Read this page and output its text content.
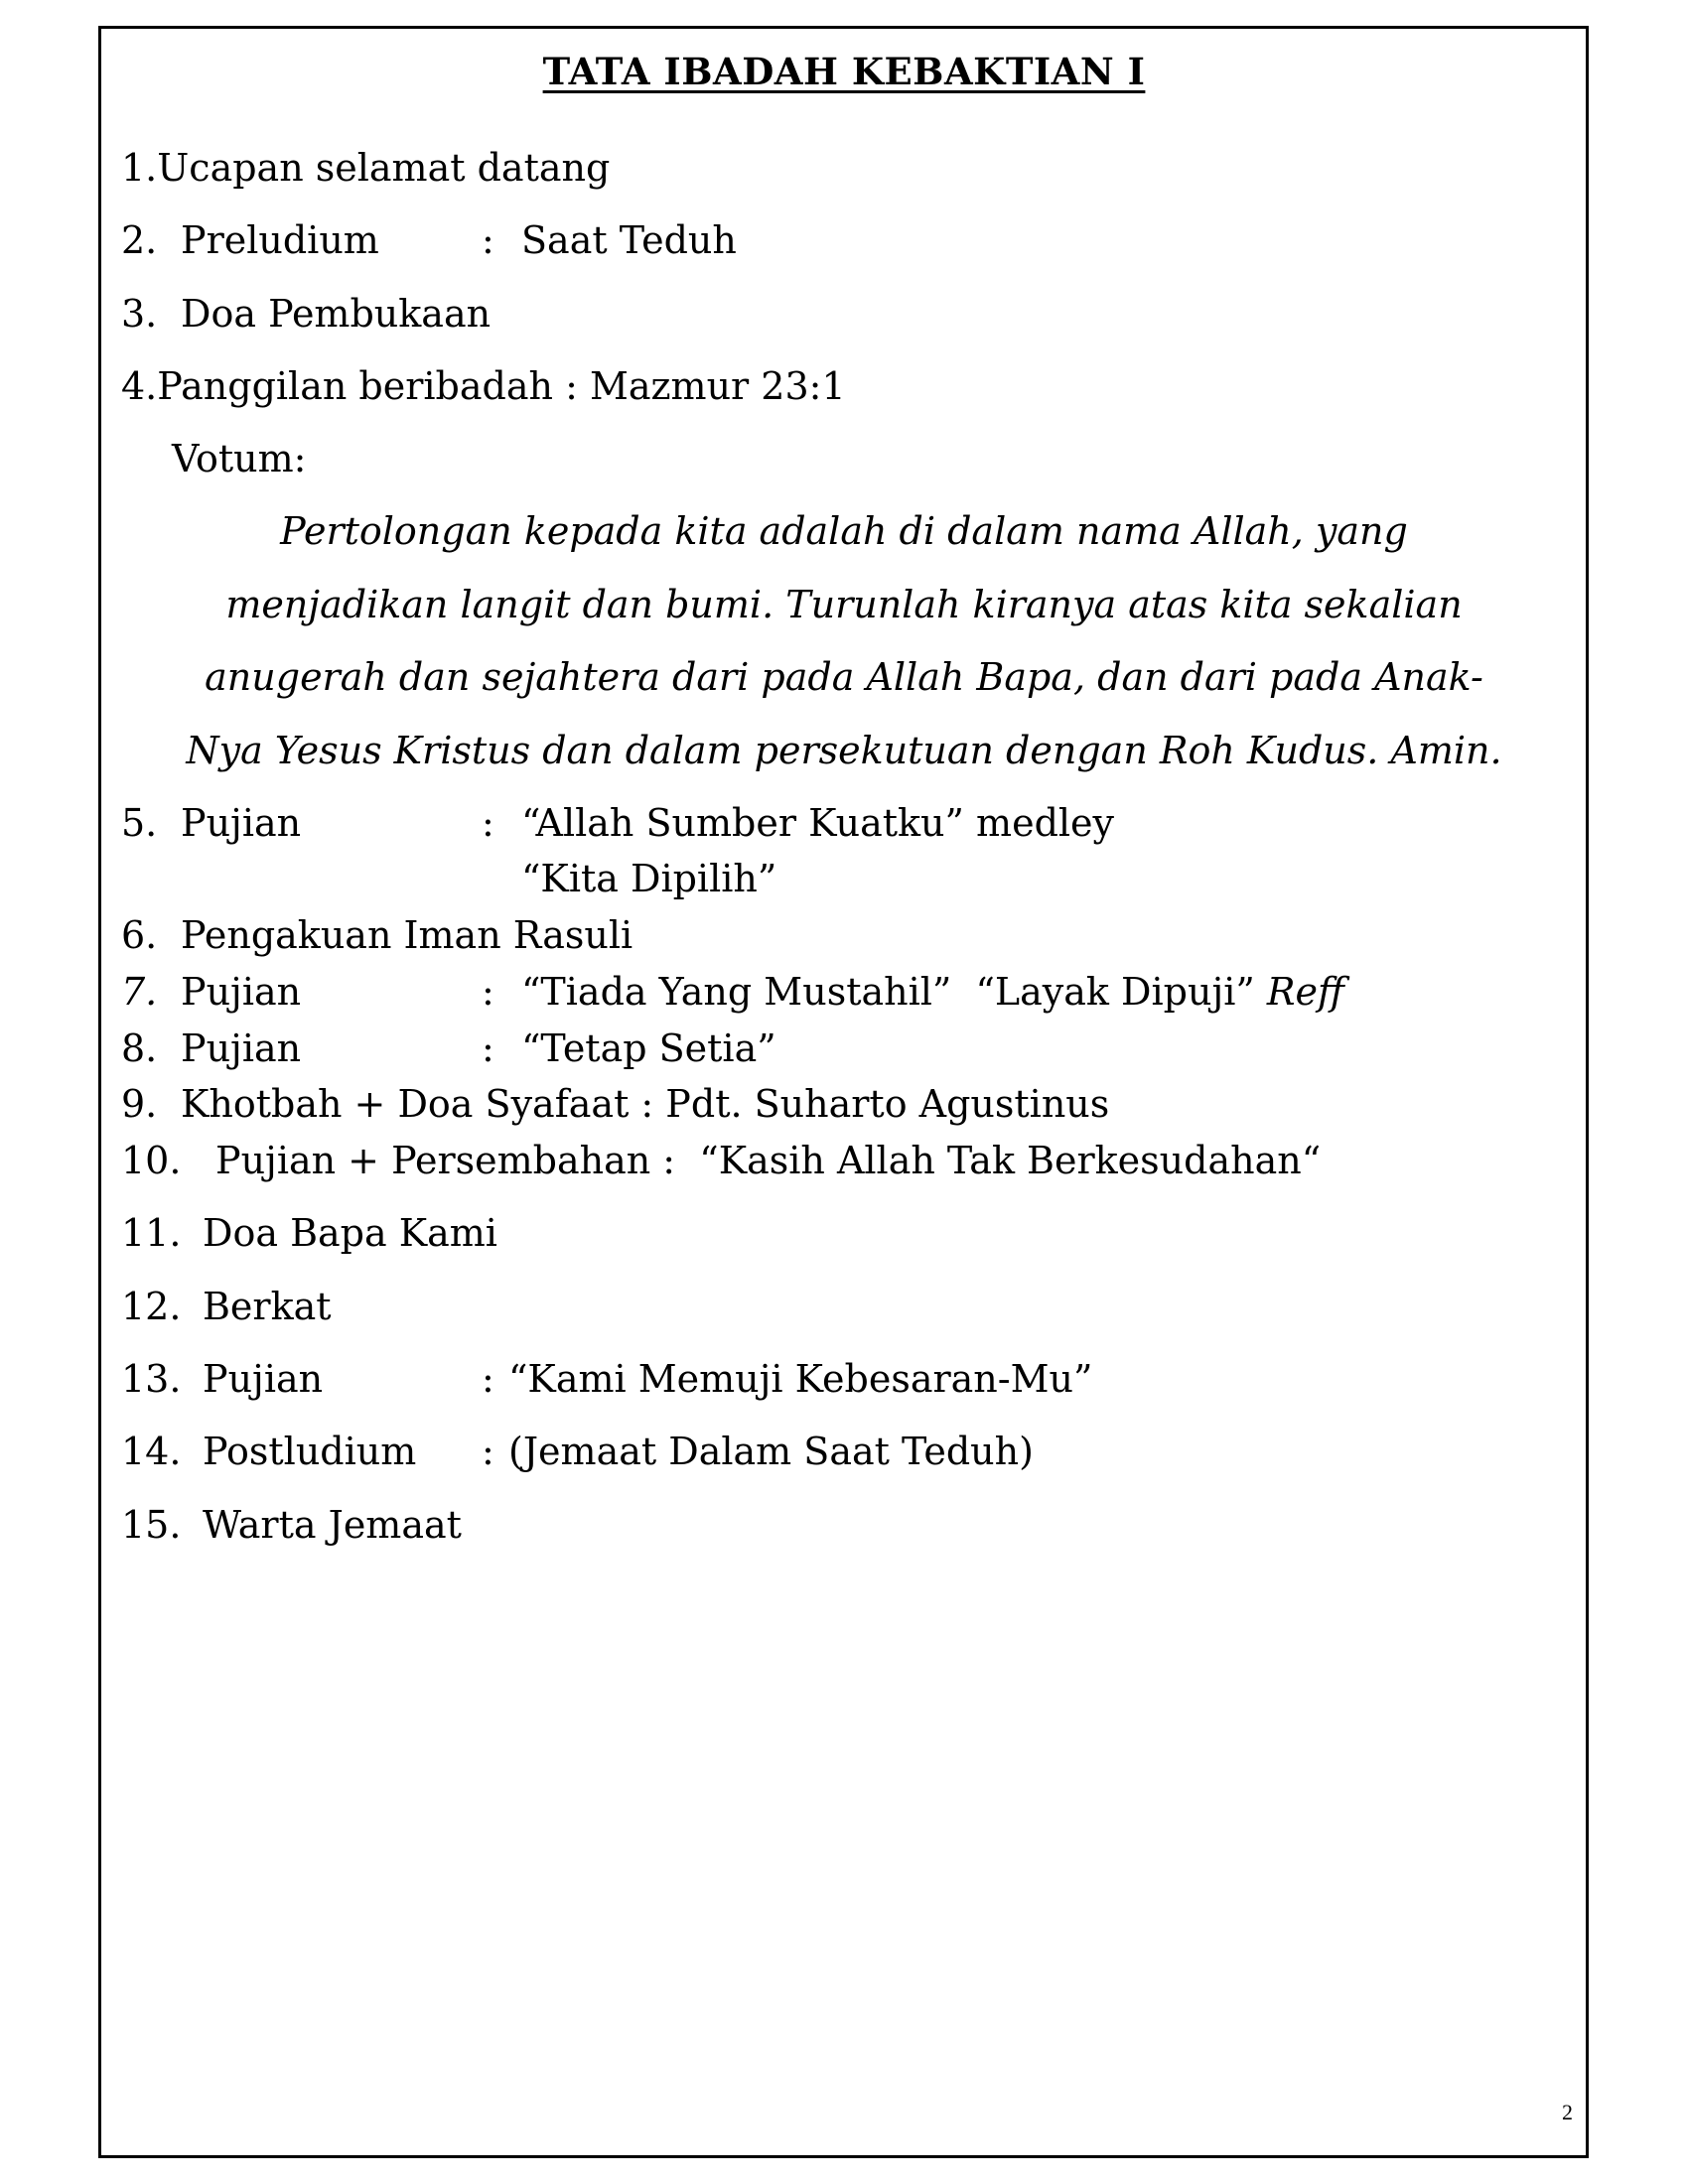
TATA IBADAH KEBAKTIAN I
1.Ucapan selamat datang
2. Preludium	: Saat Teduh
3. Doa Pembukaan
4.Panggilan beribadah : Mazmur 23:1
Votum:
Pertolongan kepada kita adalah di dalam nama Allah, yang
menjadikan langit dan bumi. Turunlah kiranya atas kita sekalian
anugerah dan sejahtera dari pada Allah Bapa, dan dari pada Anak-
Nya Yesus Kristus dan dalam persekutuan dengan Roh Kudus. Amin.
5. Pujian	: “Allah Sumber Kuatku” medley
“Kita Dipilih”
6. Pengakuan Iman Rasuli
7. Pujian	: “Tiada Yang Mustahil”  “Layak Dipuji” Reff
8. Pujian	: “Tetap Setia”
9. Khotbah + Doa Syafaat : Pdt. Suharto Agustinus
10. Pujian + Persembahan :  “Kasih Allah Tak Berkesudahan“
11. Doa Bapa Kami
12. Berkat
13. Pujian	: “Kami Memuji Kebesaran-Mu”
14. Postludium : (Jemaat Dalam Saat Teduh)
15. Warta Jemaat
2
